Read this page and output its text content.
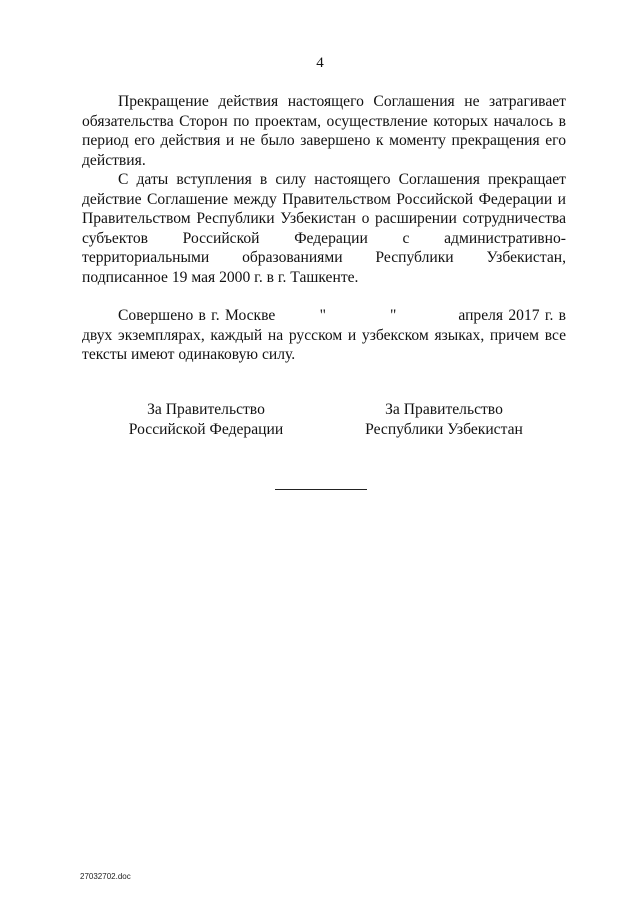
4

Прекращение действия настоящего Соглашения не затрагивает обязательства Сторон по проектам, осуществление которых началось в период его действия и не было завершено к моменту прекращения его действия.

С даты вступления в силу настоящего Соглашения прекращает действие Соглашение между Правительством Российской Федерации и Правительством Республики Узбекистан о расширении сотрудничества субъектов Российской Федерации с административно-территориальными образованиями Республики Узбекистан, подписанное 19 мая 2000 г. в г. Ташкенте.

Совершено в г. Москве	"	"	апреля 2017 г. в двух экземплярах, каждый на русском и узбекском языках, причем все тексты имеют одинаковую силу.

За Правительство
Российской Федерации
За Правительство
Республики Узбекистан
27032702.doc
